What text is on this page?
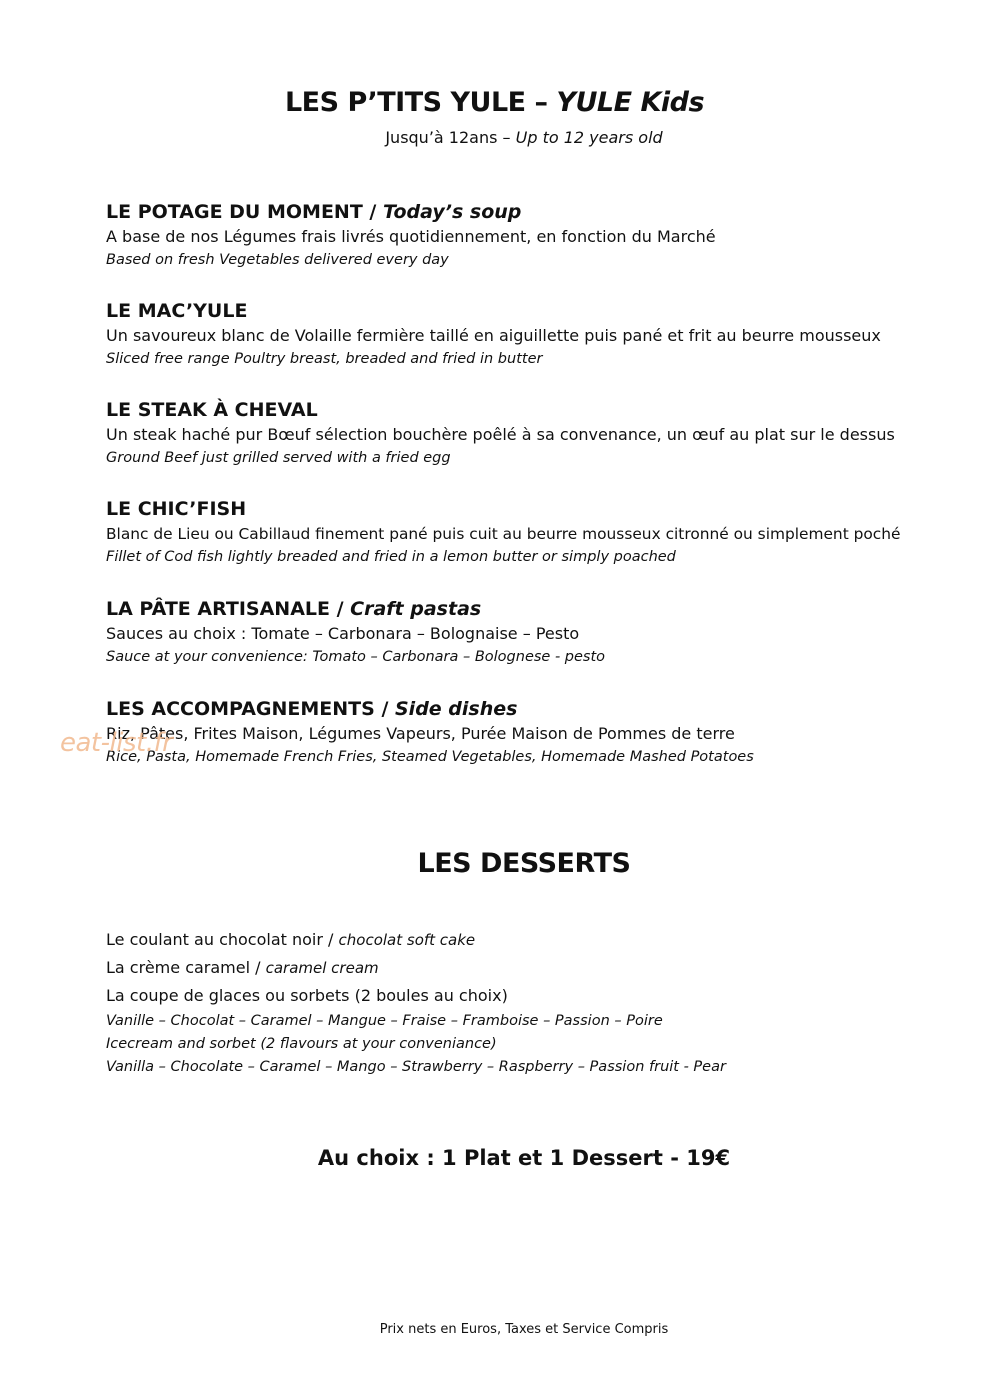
LES P’TITS YULE – YULE Kids
Jusqu’à 12ans – Up to 12 years old
LE POTAGE DU MOMENT / Today’s soup
A base de nos Légumes frais livrés quotidiennement, en fonction du Marché
Based on fresh Vegetables delivered every day
LE MAC’YULE
Un savoureux blanc de Volaille fermière taillé en aiguillette puis pané et frit au beurre mousseux
Sliced free range Poultry breast, breaded and fried in butter
LE STEAK À CHEVAL
Un steak haché pur Bœuf sélection bouchère poêlé à sa convenance, un œuf au plat sur le dessus
Ground Beef just grilled served with a fried egg
LE CHIC’FISH
Blanc de Lieu ou Cabillaud finement pané puis cuit au beurre mousseux citronné ou simplement poché
Fillet of Cod fish lightly breaded and fried in a lemon butter or simply poached
LA PÂTE ARTISANALE / Craft pastas
Sauces au choix : Tomate – Carbonara – Bolognaise – Pesto
Sauce at your convenience: Tomato – Carbonara – Bolognese - pesto
LES ACCOMPAGNEMENTS / Side dishes
Riz, Pâtes, Frites Maison, Légumes Vapeurs, Purée Maison de Pommes de terre
Rice, Pasta, Homemade French Fries, Steamed Vegetables, Homemade Mashed Potatoes
eat-list.fr
LES DESSERTS
Le coulant au chocolat noir / chocolat soft cake
La crème caramel / caramel cream
La coupe de glaces ou sorbets (2 boules au choix)
Vanille – Chocolat – Caramel – Mangue – Fraise – Framboise – Passion – Poire
Icecream and sorbet (2 flavours at your conveniance)
Vanilla – Chocolate – Caramel – Mango – Strawberry – Raspberry – Passion fruit - Pear
Au choix : 1 Plat et 1 Dessert - 19€
Prix nets en Euros, Taxes et Service Compris
